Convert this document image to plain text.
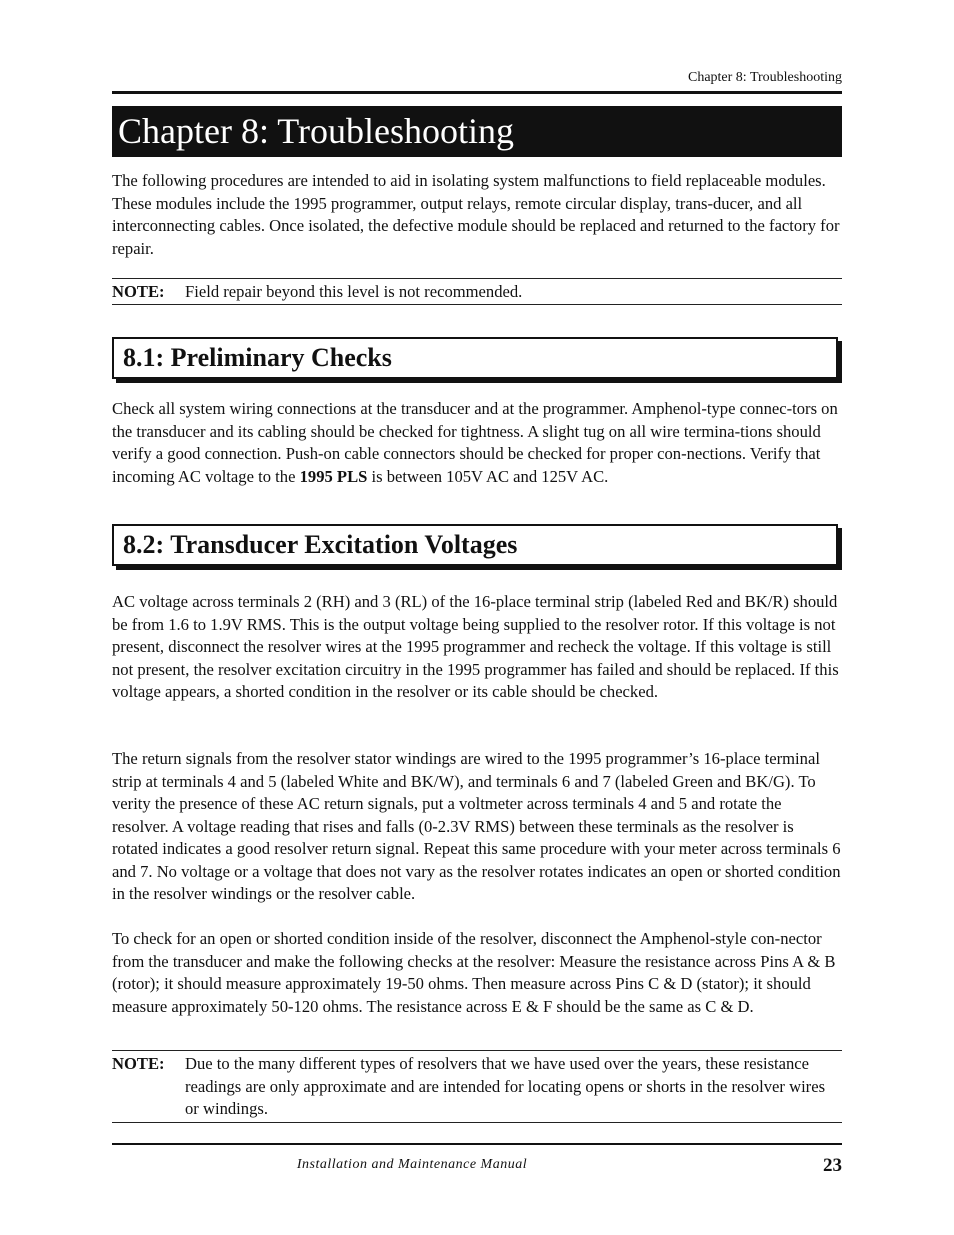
Chapter 8: Troubleshooting
Chapter 8: Troubleshooting

The following procedures are intended to aid in isolating system malfunctions to field replaceable modules. These modules include the 1995 programmer, output relays, remote circular display, trans-ducer, and all interconnecting cables. Once isolated, the defective module should be replaced and returned to the factory for repair.

NOTE:	Field repair beyond this level is not recommended.
8.1: Preliminary Checks

Check all system wiring connections at the transducer and at the programmer. Amphenol-type connec-tors on the transducer and its cabling should be checked for tightness. A slight tug on all wire termina-tions should verify a good connection. Push-on cable connectors should be checked for proper con-nections. Verify that incoming AC voltage to the 1995 PLS is between 105V AC and 125V AC.

8.2: Transducer Excitation Voltages

AC voltage across terminals 2 (RH) and 3 (RL) of the 16-place terminal strip (labeled Red and BK/R) should be from 1.6 to 1.9V RMS. This is the output voltage being supplied to the resolver rotor. If this voltage is not present, disconnect the resolver wires at the 1995 programmer and recheck the voltage. If this voltage is still not present, the resolver excitation circuitry in the 1995 programmer has failed and should be replaced. If this voltage appears, a shorted condition in the resolver or its cable should be checked.

The return signals from the resolver stator windings are wired to the 1995 programmer’s 16-place terminal strip at terminals 4 and 5 (labeled White and BK/W), and terminals 6 and 7 (labeled Green and BK/G). To verity the presence of these AC return signals, put a voltmeter across terminals 4 and 5 and rotate the resolver. A voltage reading that rises and falls (0-2.3V RMS) between these terminals as the resolver is rotated indicates a good resolver return signal. Repeat this same procedure with your meter across terminals 6 and 7. No voltage or a voltage that does not vary as the resolver rotates indicates an open or shorted condition in the resolver windings or the resolver cable.

To check for an open or shorted condition inside of the resolver, disconnect the Amphenol-style con-nector from the transducer and make the following checks at the resolver: Measure the resistance across Pins A & B (rotor); it should measure approximately 19-50 ohms. Then measure across Pins C & D (stator); it should measure approximately 50-120 ohms. The resistance across E & F should be the same as C & D.

NOTE:	Due to the many different types of resolvers that we have used over the years, these resistance readings are only approximate and are intended for locating opens or shorts in the resolver wires or windings.
Installation and Maintenance Manual	23
